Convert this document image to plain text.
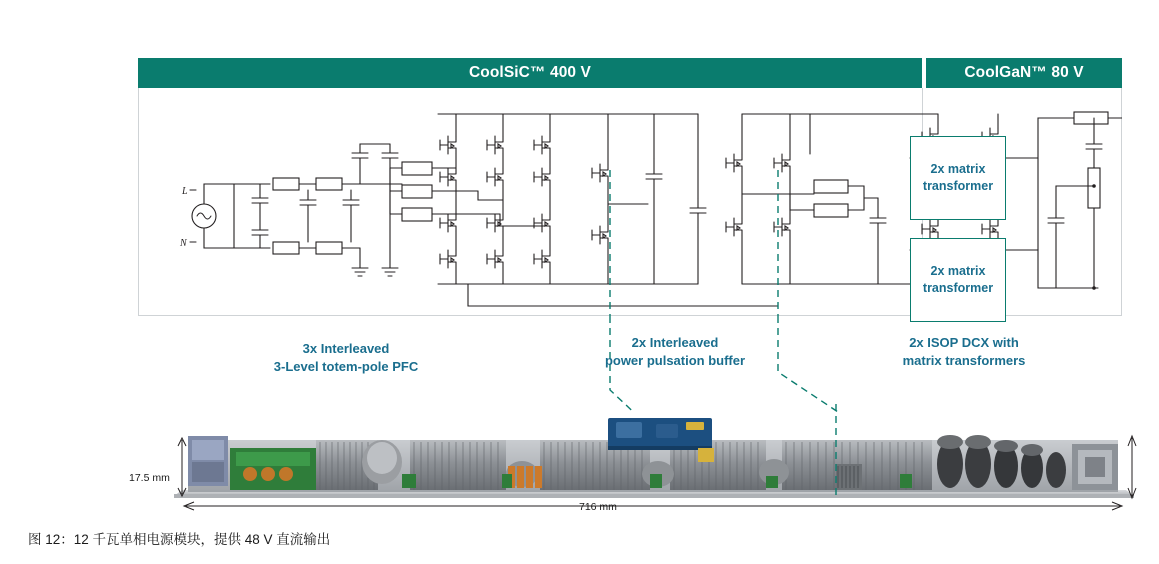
CoolSiC™ 400 V	CoolGaN™ 80 V
L
N
2x matrix
transformer
2x matrix
transformer
3x Interleaved
3-Level totem-pole PFC
2x Interleaved
power pulsation buffer
2x ISOP DCX with
matrix transformers
17.5 mm
716 mm
图 12：12 千瓦单相电源模块，提供 48 V 直流输出
